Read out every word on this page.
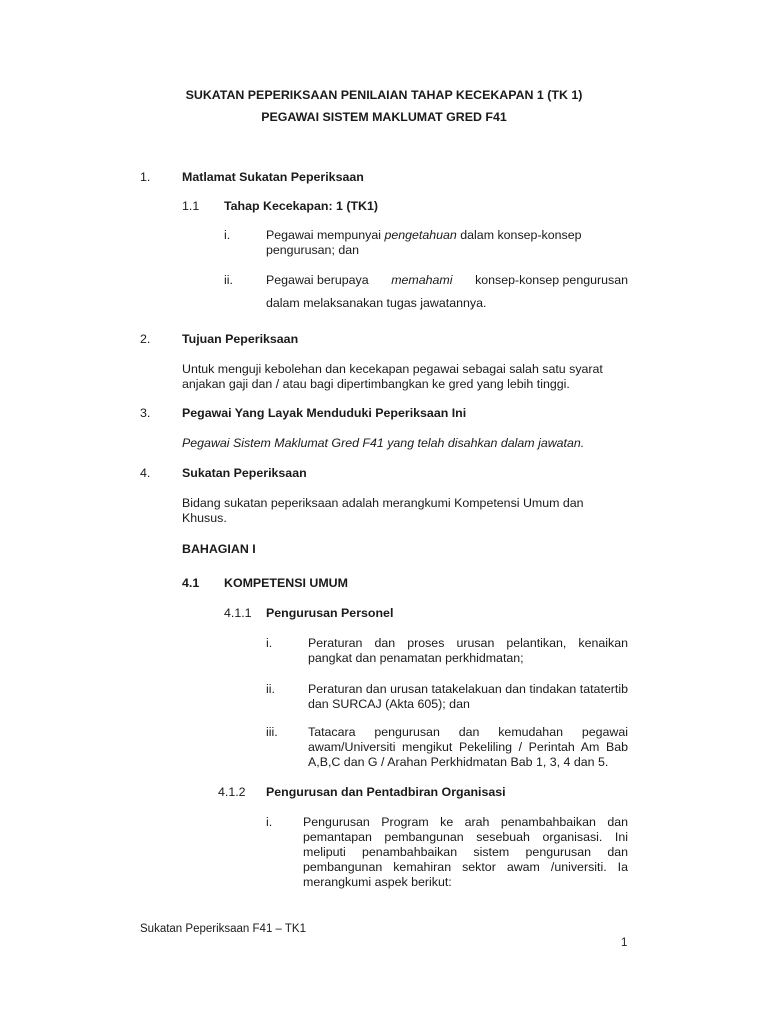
SUKATAN PEPERIKSAAN PENILAIAN TAHAP KECEKAPAN 1 (TK 1)
PEGAWAI SISTEM MAKLUMAT GRED F41
1.	Matlamat Sukatan Peperiksaan
1.1 Tahap Kecekapan: 1 (TK1)
i.	Pegawai mempunyai pengetahuan dalam konsep-konsep pengurusan; dan
ii.	Pegawai berupaya memahami konsep-konsep pengurusan
dalam melaksanakan tugas jawatannya.
2.	Tujuan Peperiksaan
Untuk menguji kebolehan dan kecekapan pegawai sebagai salah satu syarat anjakan gaji dan / atau bagi dipertimbangkan ke gred yang lebih tinggi.
3.	Pegawai Yang Layak Menduduki Peperiksaan Ini
Pegawai Sistem Maklumat Gred F41 yang telah disahkan dalam jawatan.
4.	Sukatan Peperiksaan
Bidang sukatan peperiksaan adalah merangkumi Kompetensi Umum dan Khusus.
BAHAGIAN I
4.1 KOMPETENSI UMUM
4.1.1 Pengurusan Personel
i.	Peraturan dan proses urusan pelantikan, kenaikan pangkat dan penamatan perkhidmatan;
ii.	Peraturan dan urusan tatakelakuan dan tindakan tatatertib dan SURCAJ (Akta 605); dan
iii. Tatacara pengurusan dan kemudahan pegawai awam/Universiti mengikut Pekeliling / Perintah Am Bab A,B,C dan G / Arahan Perkhidmatan Bab 1, 3, 4 dan 5.
4.1.2 Pengurusan dan Pentadbiran Organisasi
i. Pengurusan Program ke arah penambahbaikan dan pemantapan pembangunan sesebuah organisasi. Ini meliputi penambahbaikan sistem pengurusan dan pembangunan kemahiran sektor awam /universiti. Ia merangkumi aspek berikut:
Sukatan Peperiksaan F41 – TK1
1
